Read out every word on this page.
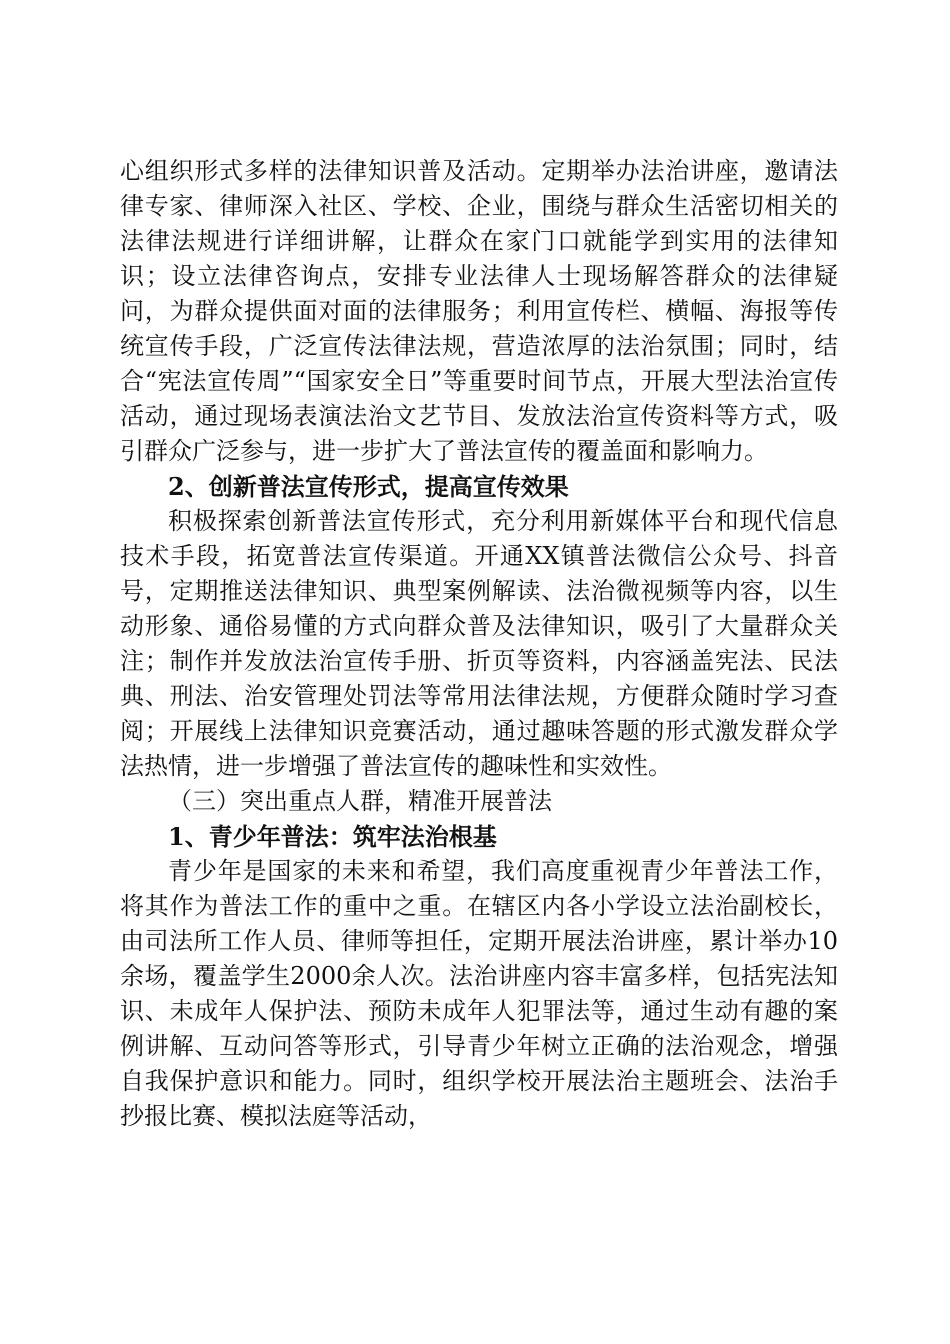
心组织形式多样的法律知识普及活动。定期举办法治讲座，邀请法律专家、律师深入社区、学校、企业，围绕与群众生活密切相关的法律法规进行详细讲解，让群众在家门口就能学到实用的法律知识；设立法律咨询点，安排专业法律人士现场解答群众的法律疑问，为群众提供面对面的法律服务；利用宣传栏、横幅、海报等传统宣传手段，广泛宣传法律法规，营造浓厚的法治氛围；同时，结合“宪法宣传周”“国家安全日”等重要时间节点，开展大型法治宣传活动，通过现场表演法治文艺节目、发放法治宣传资料等方式，吸引群众广泛参与，进一步扩大了普法宣传的覆盖面和影响力。

2、创新普法宣传形式，提高宣传效果

积极探索创新普法宣传形式，充分利用新媒体平台和现代信息技术手段，拓宽普法宣传渠道。开通XX镇普法微信公众号、抖音号，定期推送法律知识、典型案例解读、法治微视频等内容，以生动形象、通俗易懂的方式向群众普及法律知识，吸引了大量群众关注；制作并发放法治宣传手册、折页等资料，内容涵盖宪法、民法典、刑法、治安管理处罚法等常用法律法规，方便群众随时学习查阅；开展线上法律知识竞赛活动，通过趣味答题的形式激发群众学法热情，进一步增强了普法宣传的趣味性和实效性。

（三）突出重点人群，精准开展普法

1、青少年普法：筑牢法治根基

青少年是国家的未来和希望，我们高度重视青少年普法工作，将其作为普法工作的重中之重。在辖区内各小学设立法治副校长，由司法所工作人员、律师等担任，定期开展法治讲座，累计举办10余场，覆盖学生2000余人次。法治讲座内容丰富多样，包括宪法知识、未成年人保护法、预防未成年人犯罪法等，通过生动有趣的案例讲解、互动问答等形式，引导青少年树立正确的法治观念，增强自我保护意识和能力。同时，组织学校开展法治主题班会、法治手抄报比赛、模拟法庭等活动，
